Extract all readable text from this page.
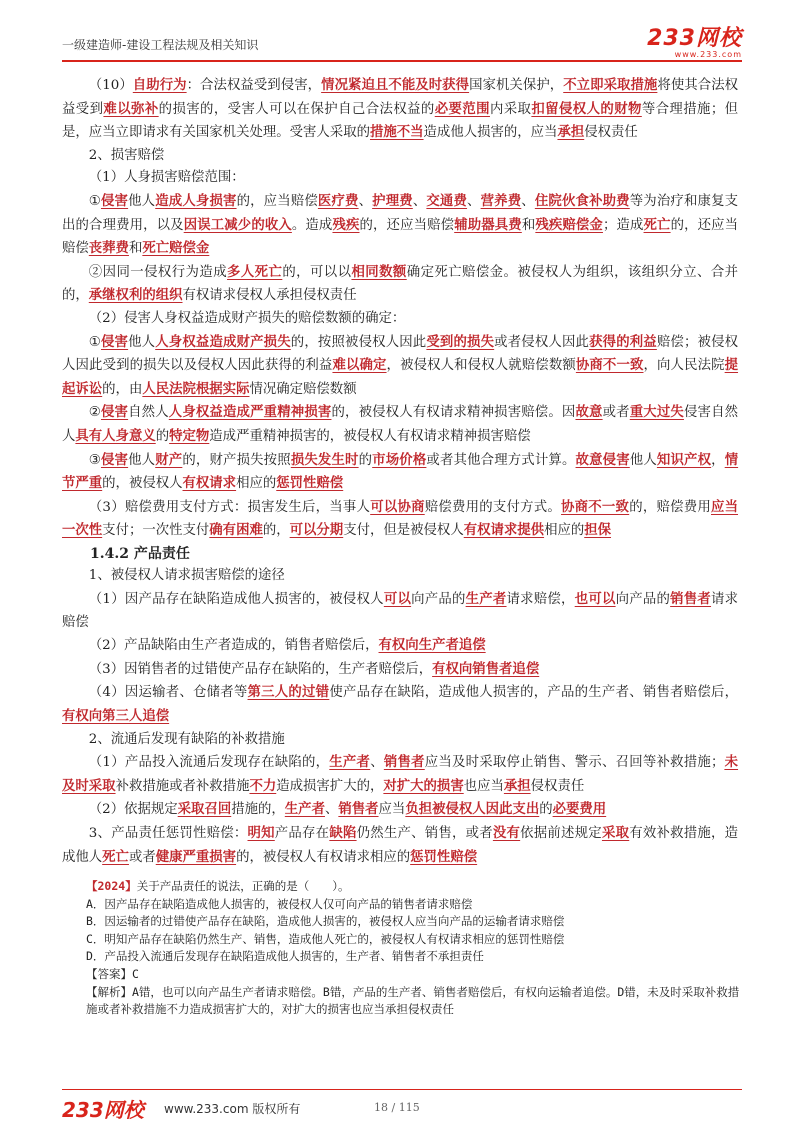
一级建造师-建设工程法规及相关知识	233网校
www.233.com

（10）自助行为：合法权益受到侵害，情况紧迫且不能及时获得国家机关保护，不立即采取措施将使其合法权益受到难以弥补的损害的，受害人可以在保护自己合法权益的必要范围内采取扣留侵权人的财物等合理措施；但是，应当立即请求有关国家机关处理。受害人采取的措施不当造成他人损害的，应当承担侵权责任

2、损害赔偿

（1）人身损害赔偿范围：

①侵害他人造成人身损害的，应当赔偿医疗费、护理费、交通费、营养费、住院伙食补助费等为治疗和康复支出的合理费用，以及因误工减少的收入。造成残疾的，还应当赔偿辅助器具费和残疾赔偿金；造成死亡的，还应当赔偿丧葬费和死亡赔偿金

②因同一侵权行为造成多人死亡的，可以以相同数额确定死亡赔偿金。被侵权人为组织，该组织分立、合并的，承继权利的组织有权请求侵权人承担侵权责任

（2）侵害人身权益造成财产损失的赔偿数额的确定：

①侵害他人人身权益造成财产损失的，按照被侵权人因此受到的损失或者侵权人因此获得的利益赔偿；被侵权人因此受到的损失以及侵权人因此获得的利益难以确定，被侵权人和侵权人就赔偿数额协商不一致，向人民法院提起诉讼的，由人民法院根据实际情况确定赔偿数额

②侵害自然人人身权益造成严重精神损害的，被侵权人有权请求精神损害赔偿。因故意或者重大过失侵害自然人具有人身意义的特定物造成严重精神损害的，被侵权人有权请求精神损害赔偿

③侵害他人财产的，财产损失按照损失发生时的市场价格或者其他合理方式计算。故意侵害他人知识产权，情节严重的，被侵权人有权请求相应的惩罚性赔偿

（3）赔偿费用支付方式：损害发生后，当事人可以协商赔偿费用的支付方式。协商不一致的，赔偿费用应当一次性支付；一次性支付确有困难的，可以分期支付，但是被侵权人有权请求提供相应的担保

1.4.2 产品责任

1、被侵权人请求损害赔偿的途径

（1）因产品存在缺陷造成他人损害的，被侵权人可以向产品的生产者请求赔偿，也可以向产品的销售者请求赔偿

（2）产品缺陷由生产者造成的，销售者赔偿后，有权向生产者追偿

（3）因销售者的过错使产品存在缺陷的，生产者赔偿后，有权向销售者追偿

（4）因运输者、仓储者等第三人的过错使产品存在缺陷，造成他人损害的，产品的生产者、销售者赔偿后，有权向第三人追偿

2、流通后发现有缺陷的补救措施

（1）产品投入流通后发现存在缺陷的，生产者、销售者应当及时采取停止销售、警示、召回等补救措施；未及时采取补救措施或者补救措施不力造成损害扩大的，对扩大的损害也应当承担侵权责任

（2）依据规定采取召回措施的，生产者、销售者应当负担被侵权人因此支出的必要费用

3、产品责任惩罚性赔偿：明知产品存在缺陷仍然生产、销售，或者没有依据前述规定采取有效补救措施，造成他人死亡或者健康严重损害的，被侵权人有权请求相应的惩罚性赔偿

【2024】关于产品责任的说法，正确的是（　　）。

A．因产品存在缺陷造成他人损害的，被侵权人仅可向产品的销售者请求赔偿

B．因运输者的过错使产品存在缺陷，造成他人损害的，被侵权人应当向产品的运输者请求赔偿

C．明知产品存在缺陷仍然生产、销售，造成他人死亡的，被侵权人有权请求相应的惩罚性赔偿

D．产品投入流通后发现存在缺陷造成他人损害的，生产者、销售者不承担责任

【答案】C

【解析】A错，也可以向产品生产者请求赔偿。B错，产品的生产者、销售者赔偿后，有权向运输者追偿。D错，未及时采取补救措施或者补救措施不力造成损害扩大的，对扩大的损害也应当承担侵权责任

233网校 www.233.com 版权所有	18 / 115
